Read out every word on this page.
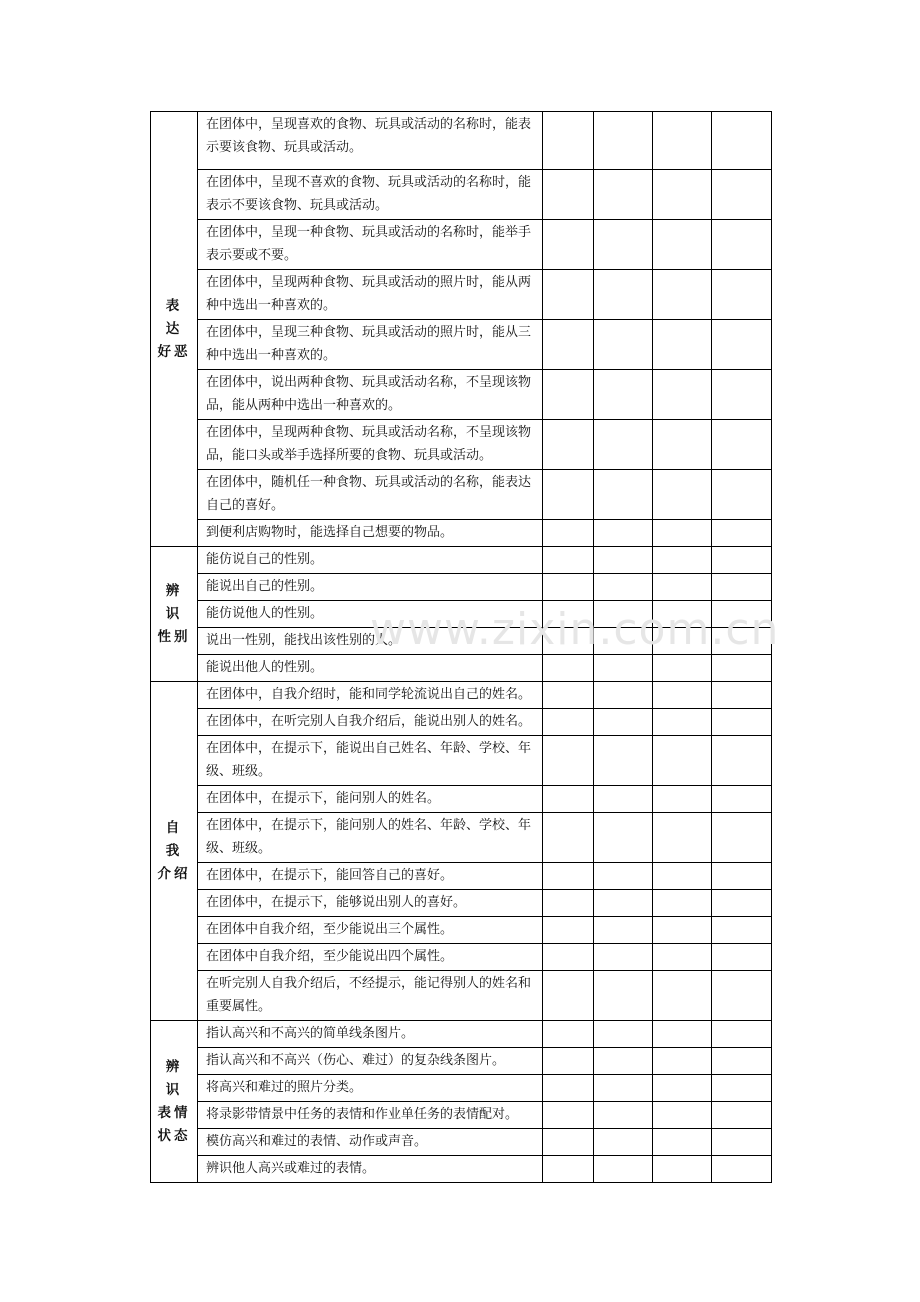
表 达
好恶	在团体中，呈现喜欢的食物、玩具或活动的名称时，能表示要该食物、玩具或活动。				
	在团体中，呈现不喜欢的食物、玩具或活动的名称时，能表示不要该食物、玩具或活动。				
	在团体中，呈现一种食物、玩具或活动的名称时，能举手表示要或不要。				
	在团体中，呈现两种食物、玩具或活动的照片时，能从两种中选出一种喜欢的。				
	在团体中，呈现三种食物、玩具或活动的照片时，能从三种中选出一种喜欢的。				
	在团体中，说出两种食物、玩具或活动名称，不呈现该物品，能从两种中选出一种喜欢的。				
	在团体中，呈现两种食物、玩具或活动名称，不呈现该物品，能口头或举手选择所要的食物、玩具或活动。				
	在团体中，随机任一种食物、玩具或活动的名称，能表达自己的喜好。				
	到便利店购物时，能选择自己想要的物品。				

辨 识
性别	能仿说自己的性别。				
	能说出自己的性别。				
	能仿说他人的性别。				
	说出一性别，能找出该性别的人。				
	能说出他人的性别。				

自 我
介绍	在团体中，自我介绍时，能和同学轮流说出自己的姓名。				
	在团体中，在听完别人自我介绍后，能说出别人的姓名。				
	在团体中，在提示下，能说出自己姓名、年龄、学校、年级、班级。				
	在团体中，在提示下，能问别人的姓名。				
	在团体中，在提示下，能问别人的姓名、年龄、学校、年级、班级。				
	在团体中，在提示下，能回答自己的喜好。				
	在团体中，在提示下，能够说出别人的喜好。				
	在团体中自我介绍，至少能说出三个属性。				
	在团体中自我介绍，至少能说出四个属性。				
	在听完别人自我介绍后，不经提示，能记得别人的姓名和重要属性。				

辨 识
表情
状态	指认高兴和不高兴的简单线条图片。				
	指认高兴和不高兴（伤心、难过）的复杂线条图片。				
	将高兴和难过的照片分类。				
	将录影带情景中任务的表情和作业单任务的表情配对。				
	模仿高兴和难过的表情、动作或声音。				
	辨识他人高兴或难过的表情。				
www.zixin.com.cn
